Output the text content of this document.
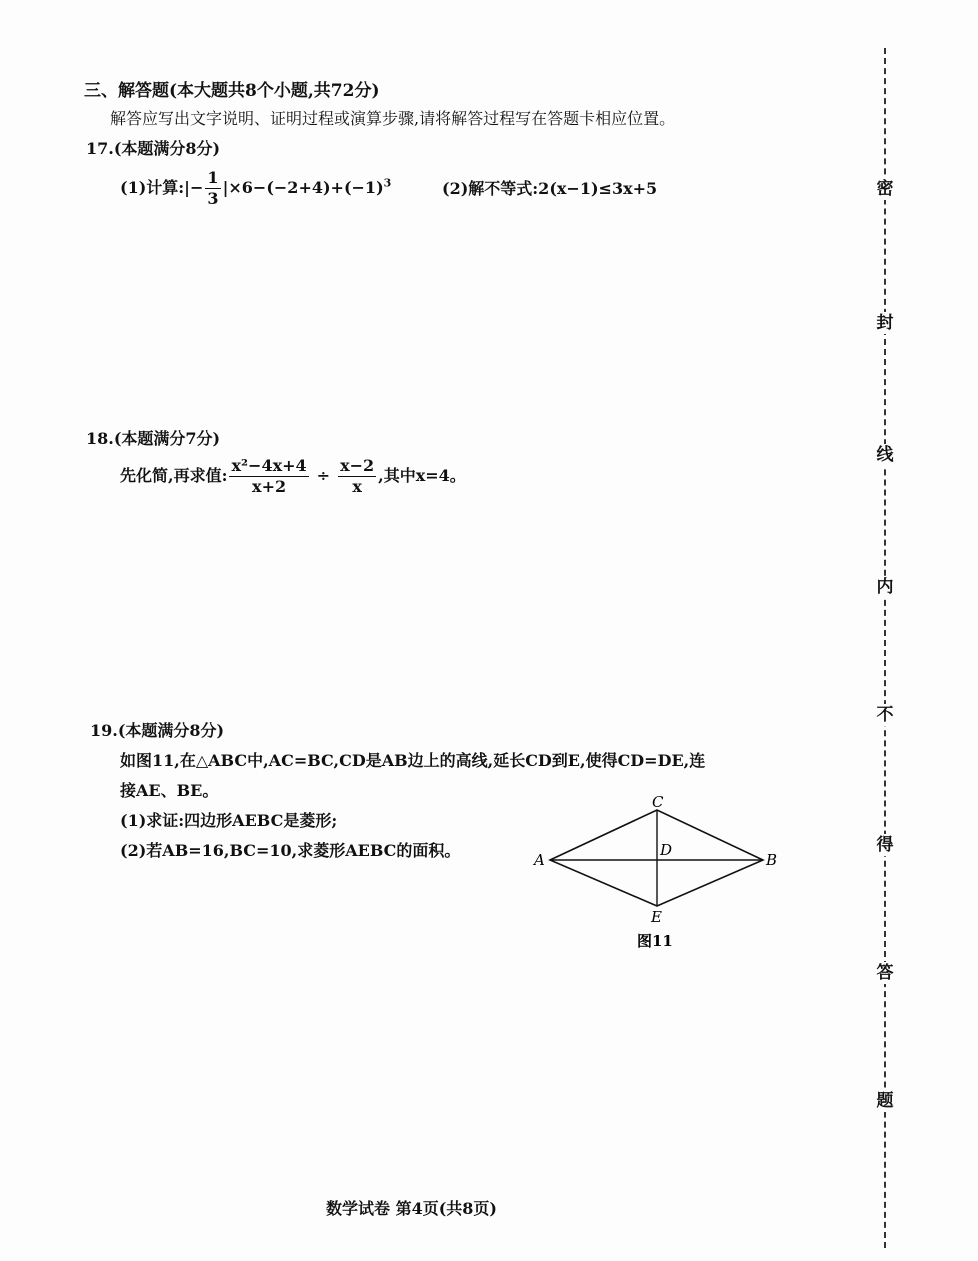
三、解答题(本大题共8个小题,共72分)
解答应写出文字说明、证明过程或演算步骤,请将解答过程写在答题卡相应位置。
17.(本题满分8分)
(1)计算:|− $\frac{1}{3} |\times 6-(-2+4)+(-1)^3$	(2)解不等式:2(x−1)≤3x+5
18.(本题满分7分)
先化简,再求值: $\frac{\text{x²−4x+4}}{x+2} \div \frac{x-2}{x}$ ,其中x=4。
19.(本题满分8分)
如图11,在△ABC中,AC=BC,CD是AB边上的高线,延长CD到E,使得CD=DE,连
接AE、BE。
(1)求证:四边形AEBC是菱形;
(2)若AB=16,BC=10,求菱形AEBC的面积。	A	B
C
D
E
图11
密
封
线
内
不
得
答
题
数学试卷 第4页(共8页)
